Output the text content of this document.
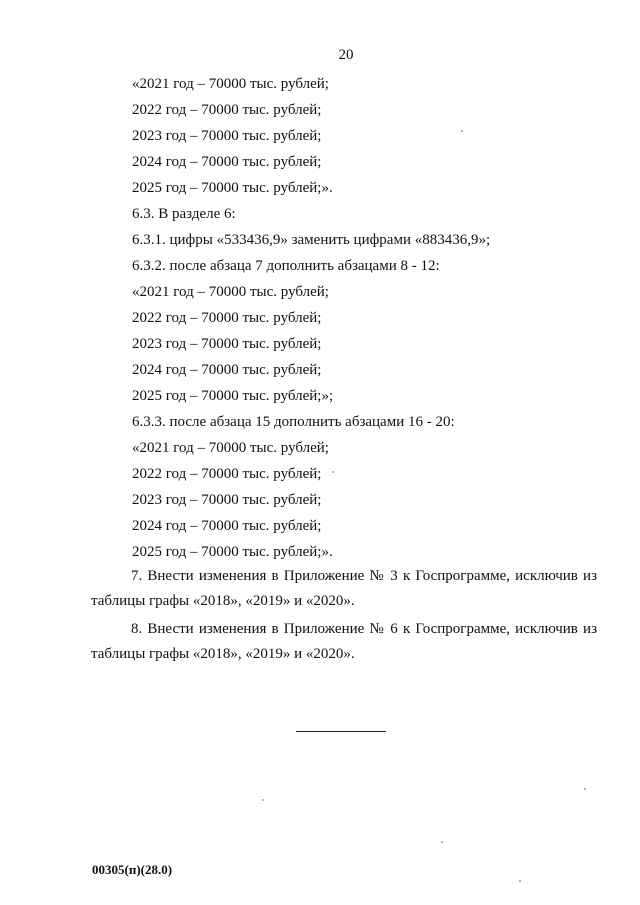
20
«2021 год – 70000 тыс. рублей;
2022 год – 70000 тыс. рублей;
2023 год – 70000 тыс. рублей;
2024 год – 70000 тыс. рублей;
2025 год – 70000 тыс. рублей;».
6.3. В разделе 6:
6.3.1. цифры «533436,9» заменить цифрами «883436,9»;
6.3.2. после абзаца 7 дополнить абзацами 8 - 12:
«2021 год – 70000 тыс. рублей;
2022 год – 70000 тыс. рублей;
2023 год – 70000 тыс. рублей;
2024 год – 70000 тыс. рублей;
2025 год – 70000 тыс. рублей;»;
6.3.3. после абзаца 15 дополнить абзацами 16 - 20:
«2021 год – 70000 тыс. рублей;
2022 год – 70000 тыс. рублей;
2023 год – 70000 тыс. рублей;
2024 год – 70000 тыс. рублей;
2025 год – 70000 тыс. рублей;».
7. Внести изменения в Приложение № 3 к Госпрограмме, исключив из
таблицы графы «2018», «2019» и «2020».
8. Внести изменения в Приложение № 6 к Госпрограмме, исключив из
таблицы графы «2018», «2019» и «2020».
00305(п)(28.0)
